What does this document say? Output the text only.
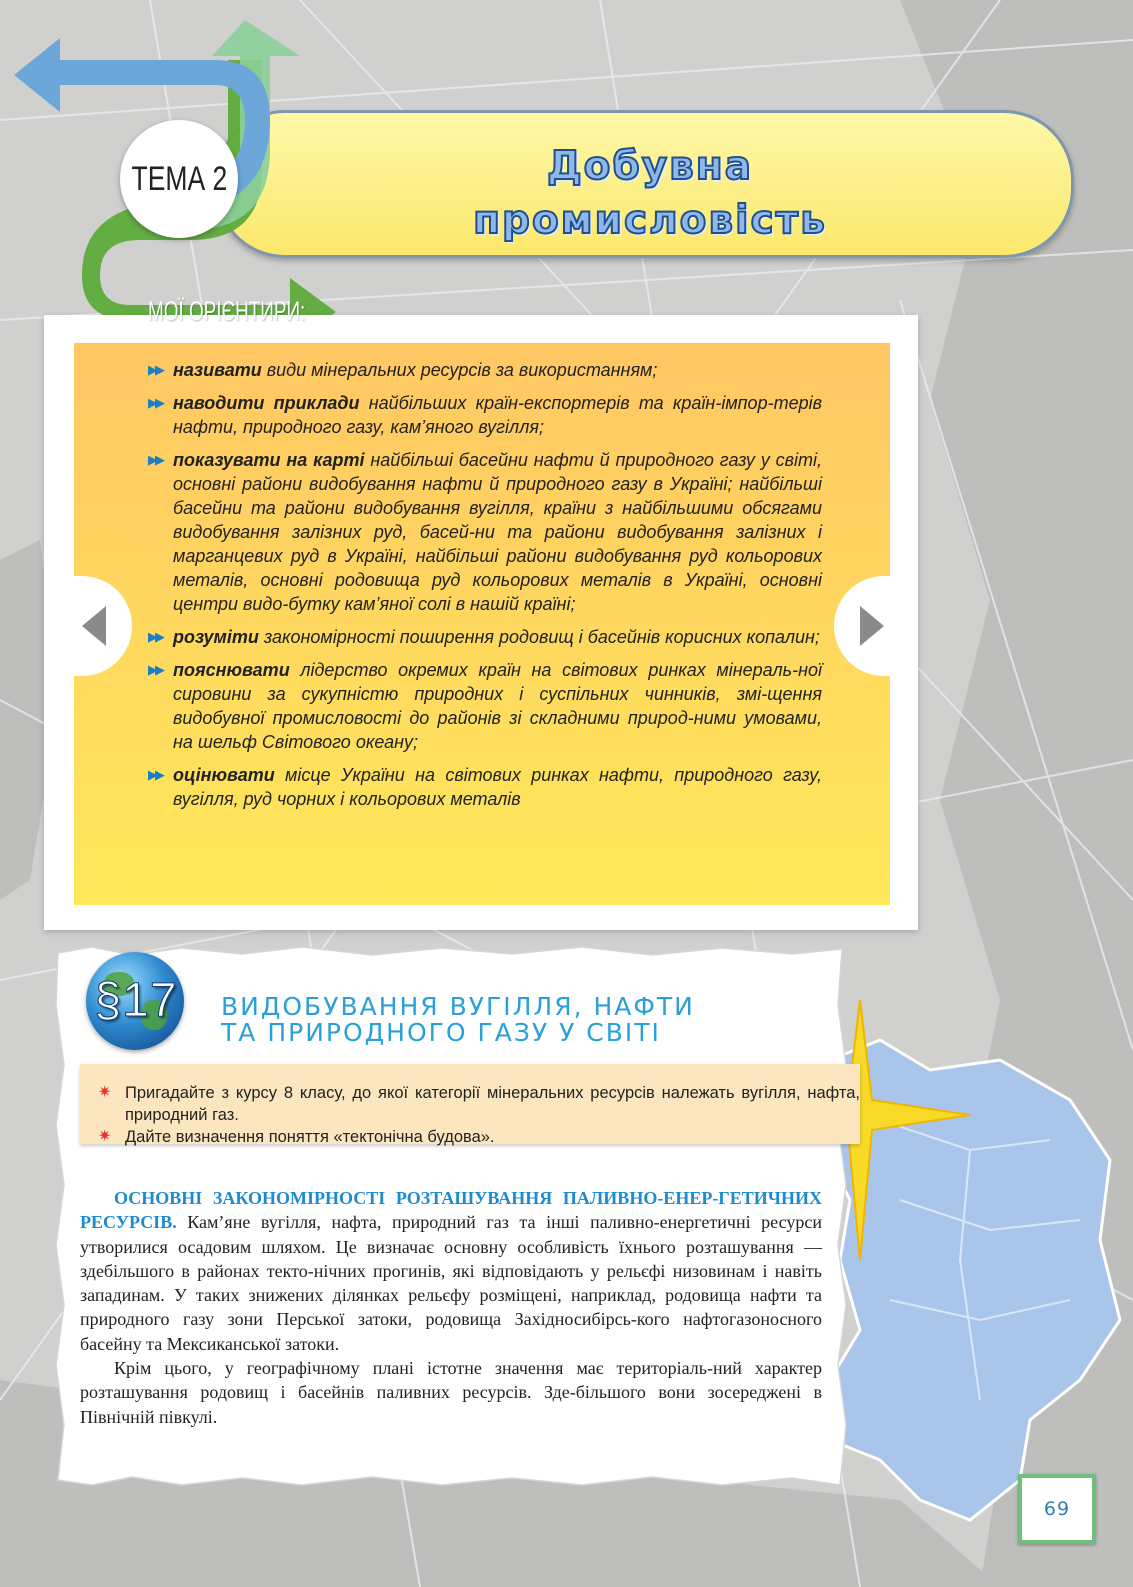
Добувна
промисловість
ТЕМА 2
МОЇ ОРІЄНТИРИ:
▶▶ називати види мінеральних ресурсів за використанням;
▶▶ наводити приклади найбільших країн-експортерів та країн-імпор-терів нафти, природного газу, кам’яного вугілля;
▶▶ показувати на карті найбільші басейни нафти й природного газу у світі, основні райони видобування нафти й природного газу в Україні; найбільші басейни та райони видобування вугілля, країни з найбільшими обсягами видобування залізних руд, басей-ни та райони видобування залізних і марганцевих руд в Україні, найбільші райони видобування руд кольорових металів, основні родовища руд кольорових металів в Україні, основні центри видо-бутку кам’яної солі в нашій країні;
▶▶ розуміти закономірності поширення родовищ і басейнів корисних копалин;
▶▶ пояснювати лідерство окремих країн на світових ринках мінераль-ної сировини за сукупністю природних і суспільних чинників, змі-щення видобувної промисловості до районів зі складними природ-ними умовами, на шельф Світового океану;
▶▶ оцінювати місце України на світових ринках нафти, природного газу, вугілля, руд чорних і кольорових металів
§17	ВИДОБУВАННЯ ВУГІЛЛЯ, НАФТИ
ТА ПРИРОДНОГО ГАЗУ У СВІТІ
✷ Пригадайте з курсу 8 класу, до якої категорії мінеральних ресурсів належать вугілля, нафта, природний газ.
✷ Дайте визначення поняття «тектонічна будова».

ОСНОВНІ ЗАКОНОМІРНОСТІ РОЗТАШУВАННЯ ПАЛИВНО-ЕНЕР-ГЕТИЧНИХ РЕСУРСІВ. Кам’яне вугілля, нафта, природний газ та інші паливно-енергетичні ресурси утворилися осадовим шляхом. Це визначає основну особливість їхнього розташування — здебільшого в районах текто-нічних прогинів, які відповідають у рельєфі низовинам і навіть западинам. У таких знижених ділянках рельєфу розміщені, наприклад, родовища нафти та природного газу зони Перської затоки, родовища Західносибірсь-кого нафтогазоносного басейну та Мексиканської затоки.

Крім цього, у географічному плані істотне значення має територіаль-ний характер розташування родовищ і басейнів паливних ресурсів. Зде-більшого вони зосереджені в Північній півкулі.

69
